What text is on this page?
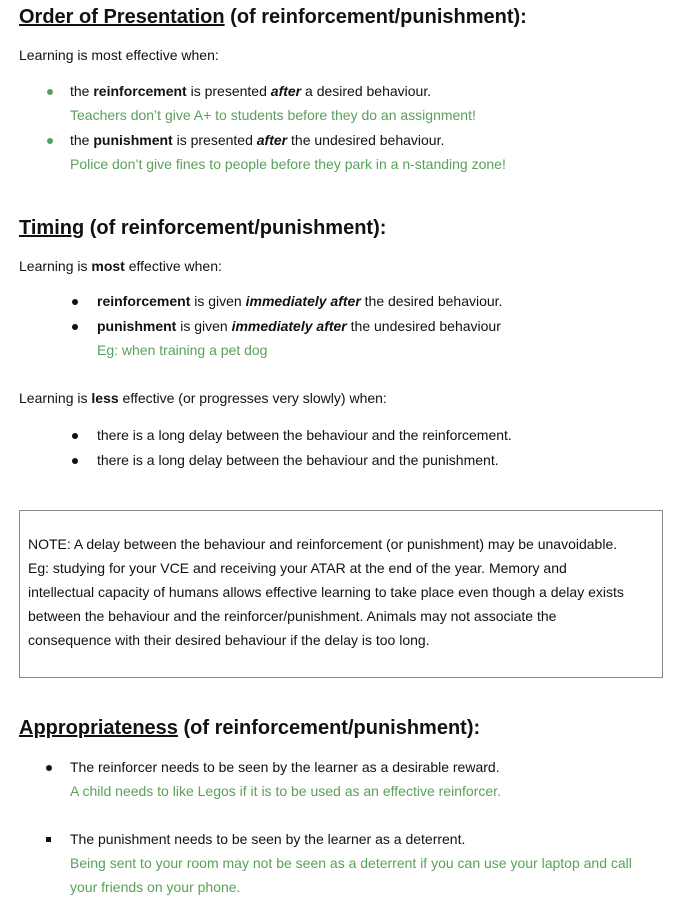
Order of Presentation (of reinforcement/punishment):

Learning is most effective when:

the reinforcement is presented after a desired behaviour.
Teachers don’t give A+ to students before they do an assignment!
the punishment is presented after the undesired behaviour.
Police don’t give fines to people before they park in a n-standing zone!
Timing (of reinforcement/punishment):

Learning is most effective when:

reinforcement is given immediately after the desired behaviour.
punishment is given immediately after the undesired behaviour
Eg: when training a pet dog

Learning is less effective (or progresses very slowly) when:

there is a long delay between the behaviour and the reinforcement.
there is a long delay between the behaviour and the punishment.
NOTE: A delay between the behaviour and reinforcement (or punishment) may be unavoidable.
Eg: studying for your VCE and receiving your ATAR at the end of the year. Memory and
intellectual capacity of humans allows effective learning to take place even though a delay exists
between the behaviour and the reinforcer/punishment. Animals may not associate the
consequence with their desired behaviour if the delay is too long.
Appropriateness (of reinforcement/punishment):
The reinforcer needs to be seen by the learner as a desirable reward.
A child needs to like Legos if it is to be used as an effective reinforcer.
The punishment needs to be seen by the learner as a deterrent.
Being sent to your room may not be seen as a deterrent if you can use your laptop and call
your friends on your phone.
